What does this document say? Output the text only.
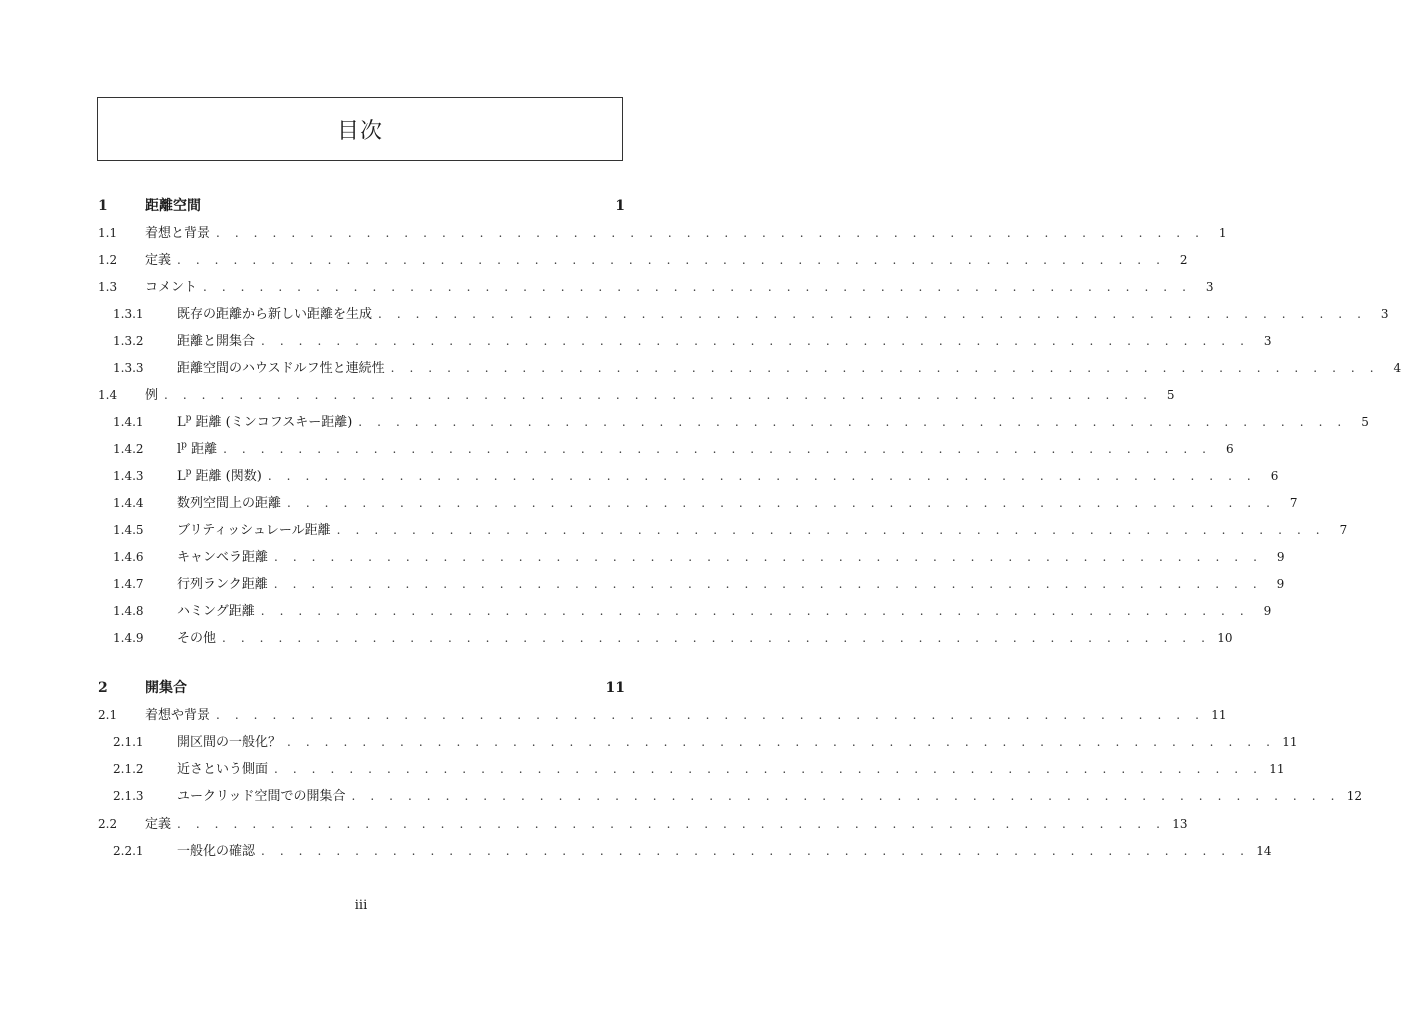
目次
1	距離空間	1
1.1	着想と背景 . . . . . . . . . . . . . . . . . . . . . . . . . . . . . . . . . . . . . . . . . . . . . . . . . . . . .	1
1.2	定義 . . . . . . . . . . . . . . . . . . . . . . . . . . . . . . . . . . . . . . . . . . . . . . . . . . . . .	2
1.3	コメント . . . . . . . . . . . . . . . . . . . . . . . . . . . . . . . . . . . . . . . . . . . . . . . . . . . . .	3
1.3.1	既存の距離から新しい距離を生成 . . . . . . . . . . . . . . . . . . . . . . . . . . . . . . . . . . . . . . . . . . . . . . . . . . . . .	3
1.3.2	距離と開集合 . . . . . . . . . . . . . . . . . . . . . . . . . . . . . . . . . . . . . . . . . . . . . . . . . . . . .	3
1.3.3	距離空間のハウスドルフ性と連続性 . . . . . . . . . . . . . . . . . . . . . . . . . . . . . . . . . . . . . . . . . . . . . . . . . . . . .	4
1.4	例 . . . . . . . . . . . . . . . . . . . . . . . . . . . . . . . . . . . . . . . . . . . . . . . . . . . . .	5
1.4.1	$L^p$ 距離 (ミンコフスキー距離) . . . . . . . . . . . . . . . . . . . . . . . . . . . . . . . . . . . . . . . . . . . . . . . . . . . . .	5
1.4.2	$l^p$ 距離 . . . . . . . . . . . . . . . . . . . . . . . . . . . . . . . . . . . . . . . . . . . . . . . . . . . . .	6
1.4.3	$L^p$ 距離 (関数) . . . . . . . . . . . . . . . . . . . . . . . . . . . . . . . . . . . . . . . . . . . . . . . . . . . . .	6
1.4.4	数列空間上の距離 . . . . . . . . . . . . . . . . . . . . . . . . . . . . . . . . . . . . . . . . . . . . . . . . . . . . .	7
1.4.5	ブリティッシュレール距離 . . . . . . . . . . . . . . . . . . . . . . . . . . . . . . . . . . . . . . . . . . . . . . . . . . . . .	7
1.4.6	キャンベラ距離 . . . . . . . . . . . . . . . . . . . . . . . . . . . . . . . . . . . . . . . . . . . . . . . . . . . . .	9
1.4.7	行列ランク距離 . . . . . . . . . . . . . . . . . . . . . . . . . . . . . . . . . . . . . . . . . . . . . . . . . . . . .	9
1.4.8	ハミング距離 . . . . . . . . . . . . . . . . . . . . . . . . . . . . . . . . . . . . . . . . . . . . . . . . . . . . .	9
1.4.9	その他 . . . . . . . . . . . . . . . . . . . . . . . . . . . . . . . . . . . . . . . . . . . . . . . . . . . . . 10
2	開集合	11
2.1	着想や背景 . . . . . . . . . . . . . . . . . . . . . . . . . . . . . . . . . . . . . . . . . . . . . . . . . . . . . 11
2.1.1	開区間の一般化？ . . . . . . . . . . . . . . . . . . . . . . . . . . . . . . . . . . . . . . . . . . . . . . . . . . . . . 11
2.1.2	近さという側面 . . . . . . . . . . . . . . . . . . . . . . . . . . . . . . . . . . . . . . . . . . . . . . . . . . . . . 11
2.1.3	ユークリッド空間での開集合 . . . . . . . . . . . . . . . . . . . . . . . . . . . . . . . . . . . . . . . . . . . . . . . . . . . . . 12
2.2	定義 . . . . . . . . . . . . . . . . . . . . . . . . . . . . . . . . . . . . . . . . . . . . . . . . . . . . . 13
2.2.1	一般化の確認 . . . . . . . . . . . . . . . . . . . . . . . . . . . . . . . . . . . . . . . . . . . . . . . . . . . . . 14
iii
